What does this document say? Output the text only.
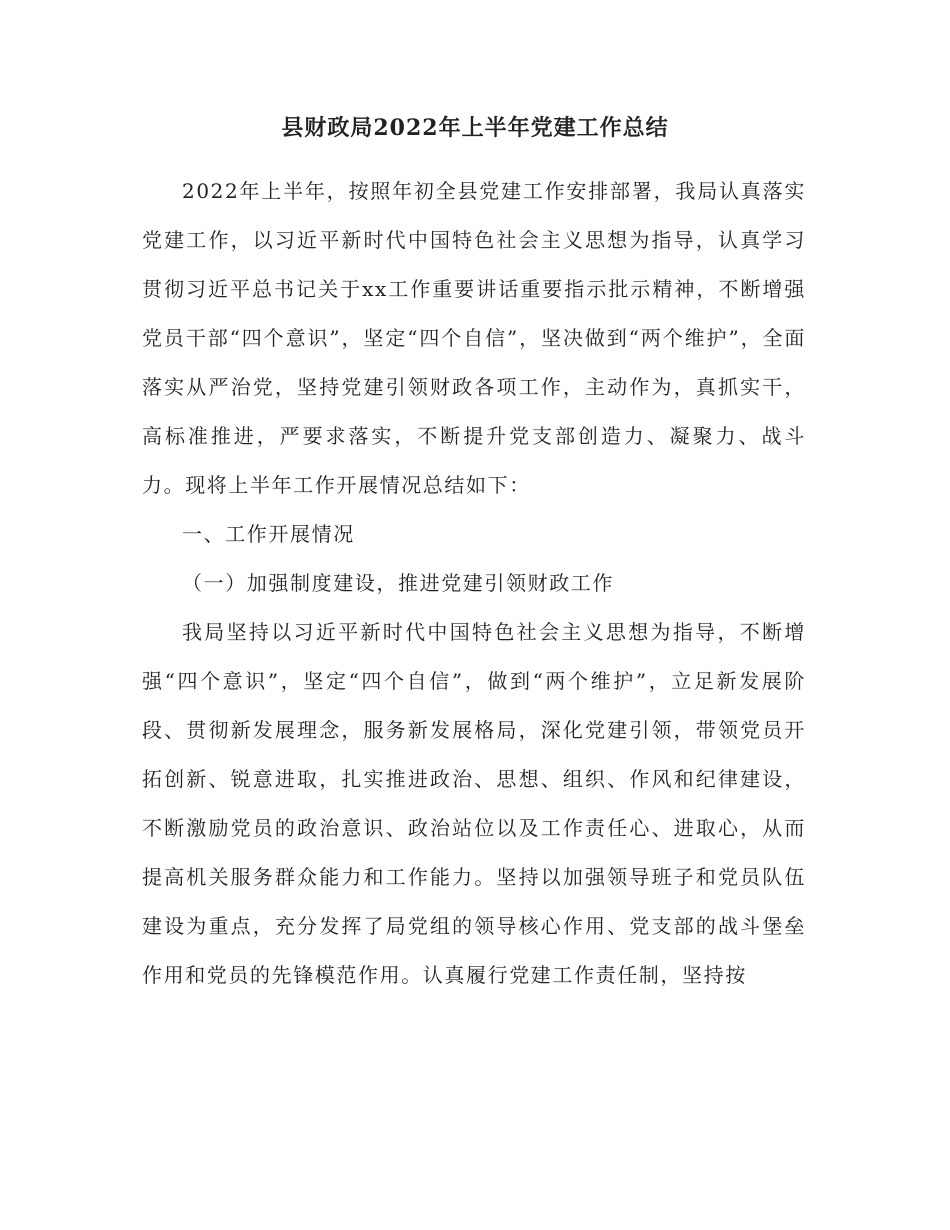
县财政局2022年上半年党建工作总结

2022年上半年，按照年初全县党建工作安排部署，我局认真落实党建工作，以习近平新时代中国特色社会主义思想为指导，认真学习贯彻习近平总书记关于xx工作重要讲话重要指示批示精神，不断增强党员干部“四个意识”，坚定“四个自信”，坚决做到“两个维护”，全面落实从严治党，坚持党建引领财政各项工作，主动作为，真抓实干，高标准推进，严要求落实，不断提升党支部创造力、凝聚力、战斗力。现将上半年工作开展情况总结如下：

一、工作开展情况

（一）加强制度建设，推进党建引领财政工作

我局坚持以习近平新时代中国特色社会主义思想为指导，不断增强“四个意识”，坚定“四个自信”，做到“两个维护”，立足新发展阶段、贯彻新发展理念，服务新发展格局，深化党建引领，带领党员开拓创新、锐意进取，扎实推进政治、思想、组织、作风和纪律建设，不断激励党员的政治意识、政治站位以及工作责任心、进取心，从而提高机关服务群众能力和工作能力。坚持以加强领导班子和党员队伍建设为重点，充分发挥了局党组的领导核心作用、党支部的战斗堡垒作用和党员的先锋模范作用。认真履行党建工作责任制，坚持按
